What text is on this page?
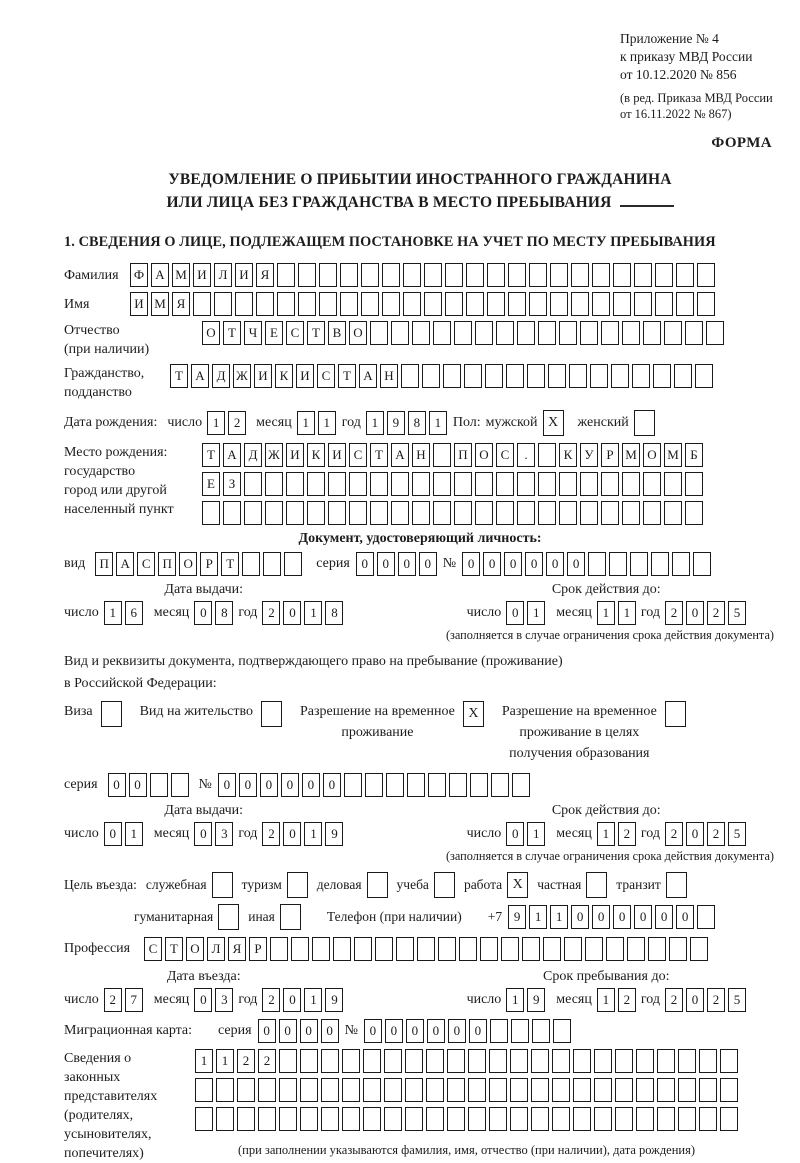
Приложение № 4
к приказу МВД России
от 10.12.2020 № 856
(в ред. Приказа МВД России
от 16.11.2022 № 867)
ФОРМА
УВЕДОМЛЕНИЕ О ПРИБЫТИИ ИНОСТРАННОГО ГРАЖДАНИНА
ИЛИ ЛИЦА БЕЗ ГРАЖДАНСТВА В МЕСТО ПРЕБЫВАНИЯ
1. СВЕДЕНИЯ О ЛИЦЕ, ПОДЛЕЖАЩЕМ ПОСТАНОВКЕ НА УЧЕТ ПО МЕСТУ ПРЕБЫВАНИЯ
Фамилия	Ф А М И Л И Я
Имя	И М Я
Отчество
(при наличии)
О Т Ч Е С Т В О
Гражданство,
подданство
Т А Д Ж И К И С Т А Н
Дата рождения: число 1	2	месяц 1	1 год 1	9	8	1 Пол: мужской X	женский
Место рождения:
государство
город или другой
населенный пункт
Т А Д Ж И К И С Т А Н	П О С	.	К У Р М О М Б
Е	З
Документ, удостоверяющий личность:
вид	П А С П О Р	Т	серия 0	0	0	0 № 0	0	0	0	0	0
Дата выдачи:
число 1	6	месяц 0	8 год 2	0	1	8
Срок действия до:
число 0	1	месяц 1	1 год 2	0	2	5
(заполняется в случае ограничения срока действия документа)
Вид и реквизиты документа, подтверждающего право на пребывание (проживание)
в Российской Федерации:
Виза	Вид на жительство	Разрешение на временное
проживание
X	Разрешение на временное
проживание в целях
получения образования
серия	0	0	№ 0	0	0	0	0	0
Дата выдачи:
число 0	1	месяц 0	3 год 2	0	1	9
Срок действия до:
число 0	1	месяц 1	2 год 2	0	2	5
(заполняется в случае ограничения срока действия документа)
Цель въезда: служебная	туризм	деловая	учеба	работа X	частная	транзит
гуманитарная	иная	Телефон (при наличии) +7 9	1	1	0	0	0	0	0	0
Профессия	С Т О Л Я	Р
Дата въезда:
число 2	7	месяц 0	3 год 2	0	1	9
Срок пребывания до:
число 1	9	месяц 1	2 год 2	0	2	5
Миграционная карта: серия 0	0	0	0 № 0	0	0	0	0	0
Сведения о
законных
представителях
(родителях,
усыновителях,
попечителях)
1	1	2	2
(при заполнении указываются фамилия, имя, отчество (при наличии), дата рождения)
